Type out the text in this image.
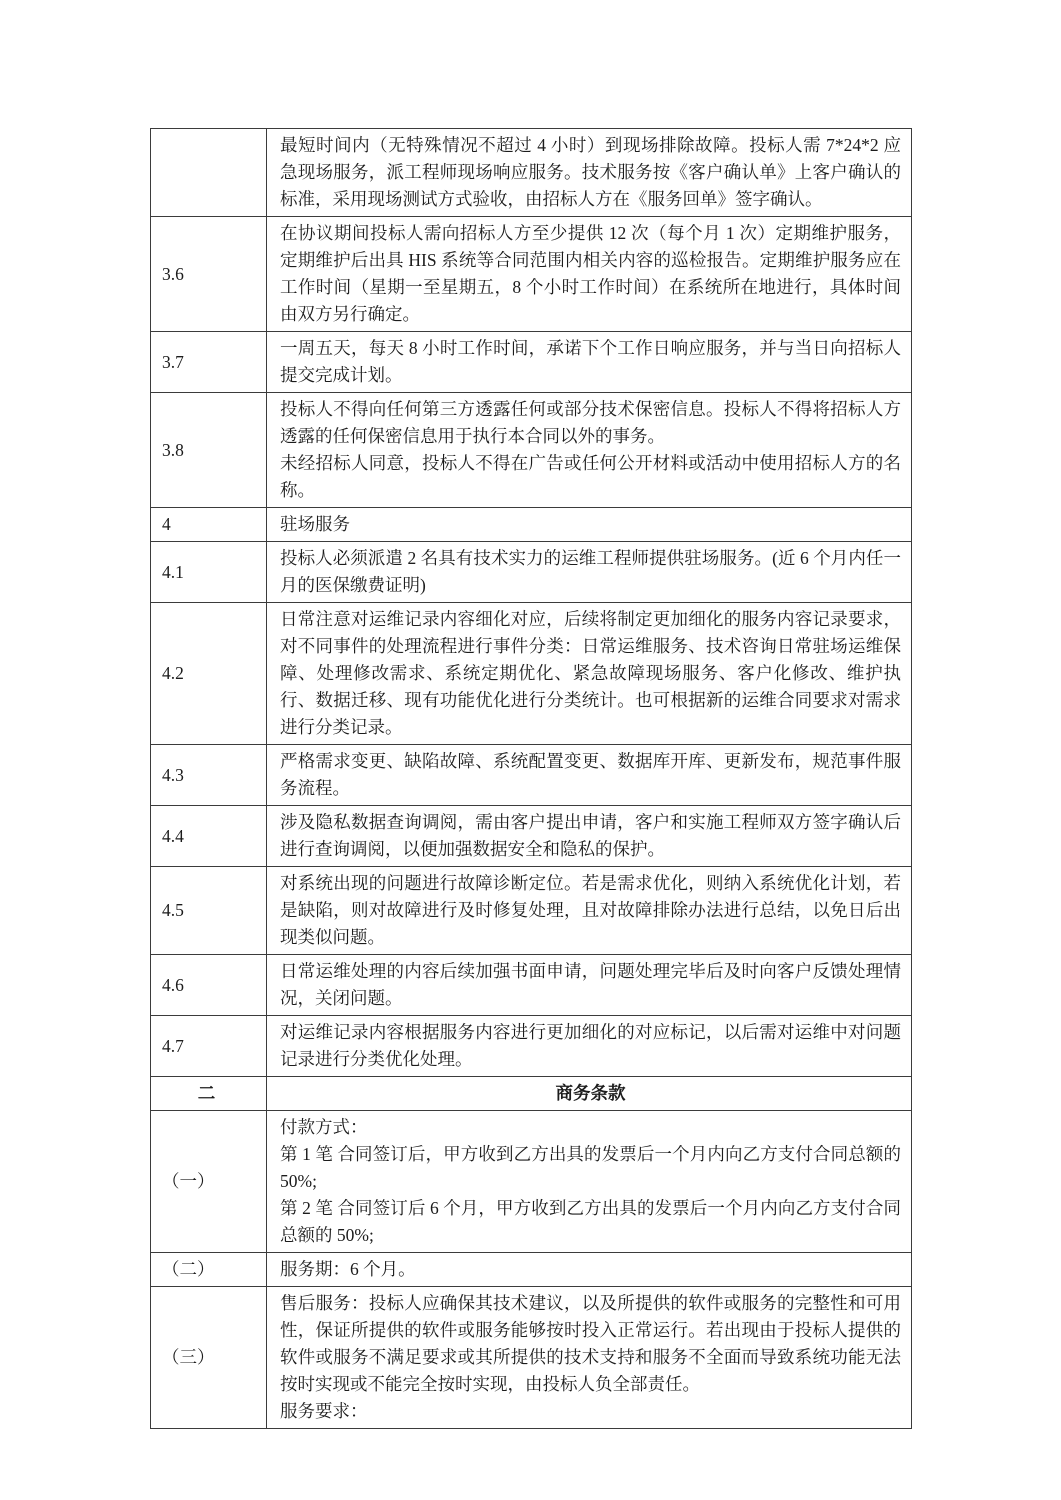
	最短时间内（无特殊情况不超过 4 小时）到现场排除故障。投标人需 7*24*2 应急现场服务，派工程师现场响应服务。技术服务按《客户确认单》上客户确认的标准，采用现场测试方式验收，由招标人方在《服务回单》签字确认。

3.6	在协议期间投标人需向招标人方至少提供 12 次（每个月 1 次）定期维护服务，定期维护后出具 HIS 系统等合同范围内相关内容的巡检报告。定期维护服务应在工作时间（星期一至星期五，8 个小时工作时间）在系统所在地进行，具体时间由双方另行确定。

3.7	一周五天，每天 8 小时工作时间，承诺下个工作日响应服务，并与当日向招标人提交完成计划。

3.8	投标人不得向任何第三方透露任何或部分技术保密信息。投标人不得将招标人方透露的任何保密信息用于执行本合同以外的事务。

未经招标人同意，投标人不得在广告或任何公开材料或活动中使用招标人方的名称。

4	驻场服务

4.1	投标人必须派遣 2 名具有技术实力的运维工程师提供驻场服务。(近 6 个月内任一月的医保缴费证明)

4.2	日常注意对运维记录内容细化对应，后续将制定更加细化的服务内容记录要求，对不同事件的处理流程进行事件分类：日常运维服务、技术咨询日常驻场运维保障、处理修改需求、系统定期优化、紧急故障现场服务、客户化修改、维护执行、数据迁移、现有功能优化进行分类统计。也可根据新的运维合同要求对需求进行分类记录。

4.3	严格需求变更、缺陷故障、系统配置变更、数据库开库、更新发布，规范事件服务流程。

4.4	涉及隐私数据查询调阅，需由客户提出申请，客户和实施工程师双方签字确认后进行查询调阅，以便加强数据安全和隐私的保护。

4.5	对系统出现的问题进行故障诊断定位。若是需求优化，则纳入系统优化计划，若是缺陷，则对故障进行及时修复处理，且对故障排除办法进行总结，以免日后出现类似问题。

4.6	日常运维处理的内容后续加强书面申请，问题处理完毕后及时向客户反馈处理情况，关闭问题。

4.7	对运维记录内容根据服务内容进行更加细化的对应标记，以后需对运维中对问题记录进行分类优化处理。

二	商务条款

（一）	付款方式：

第 1 笔 合同签订后，甲方收到乙方出具的发票后一个月内向乙方支付合同总额的 50%;

第 2 笔 合同签订后 6 个月，甲方收到乙方出具的发票后一个月内向乙方支付合同总额的 50%;

（二）	服务期：6 个月。

（三）	售后服务：投标人应确保其技术建议，以及所提供的软件或服务的完整性和可用性，保证所提供的软件或服务能够按时投入正常运行。若出现由于投标人提供的软件或服务不满足要求或其所提供的技术支持和服务不全面而导致系统功能无法按时实现或不能完全按时实现，由投标人负全部责任。

服务要求：
